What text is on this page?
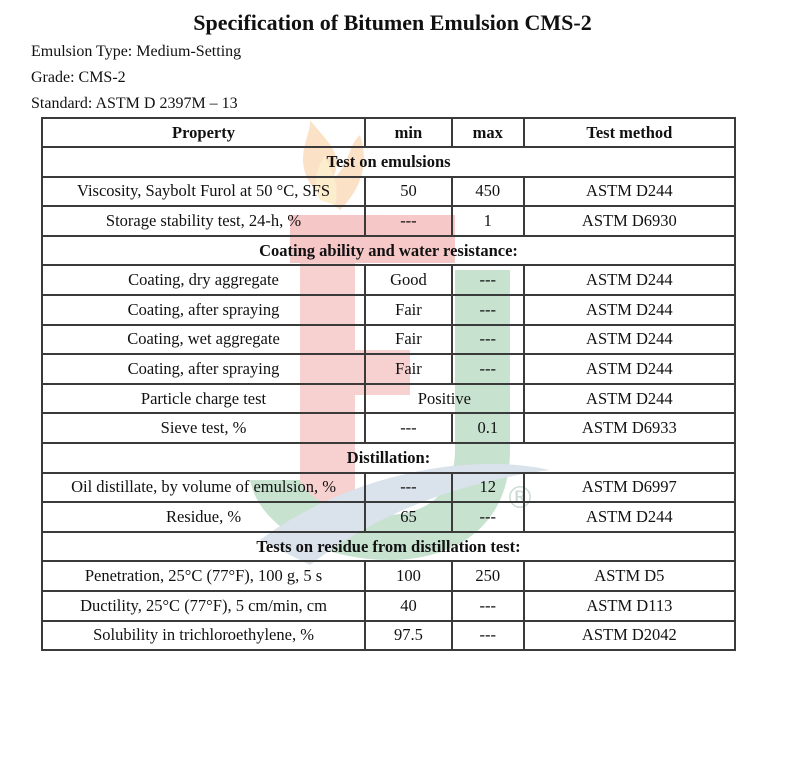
Specification of Bitumen Emulsion CMS-2
Emulsion Type: Medium-Setting
Grade: CMS-2
Standard: ASTM D 2397M – 13
®
Property	min	max	Test method
Test on emulsions			
Viscosity, Saybolt Furol at 50 °C, SFS	50	450	ASTM D244
Storage stability test, 24-h, %	---	1	ASTM D6930
Coating ability and water resistance:			
Coating, dry aggregate	Good	---	ASTM D244
Coating, after spraying	Fair	---	ASTM D244
Coating, wet aggregate	Fair	---	ASTM D244
Coating, after spraying	Fair	---	ASTM D244
Particle charge test	Positive		ASTM D244
Sieve test, %	---	0.1	ASTM D6933
Distillation:			
Oil distillate, by volume of emulsion, %	---	12	ASTM D6997
Residue, %	65	---	ASTM D244
Tests on residue from distillation test:			
Penetration, 25°C (77°F), 100 g, 5 s	100	250	ASTM D5
Ductility, 25°C (77°F), 5 cm/min, cm	40	---	ASTM D113
Solubility in trichloroethylene, %	97.5	---	ASTM D2042
